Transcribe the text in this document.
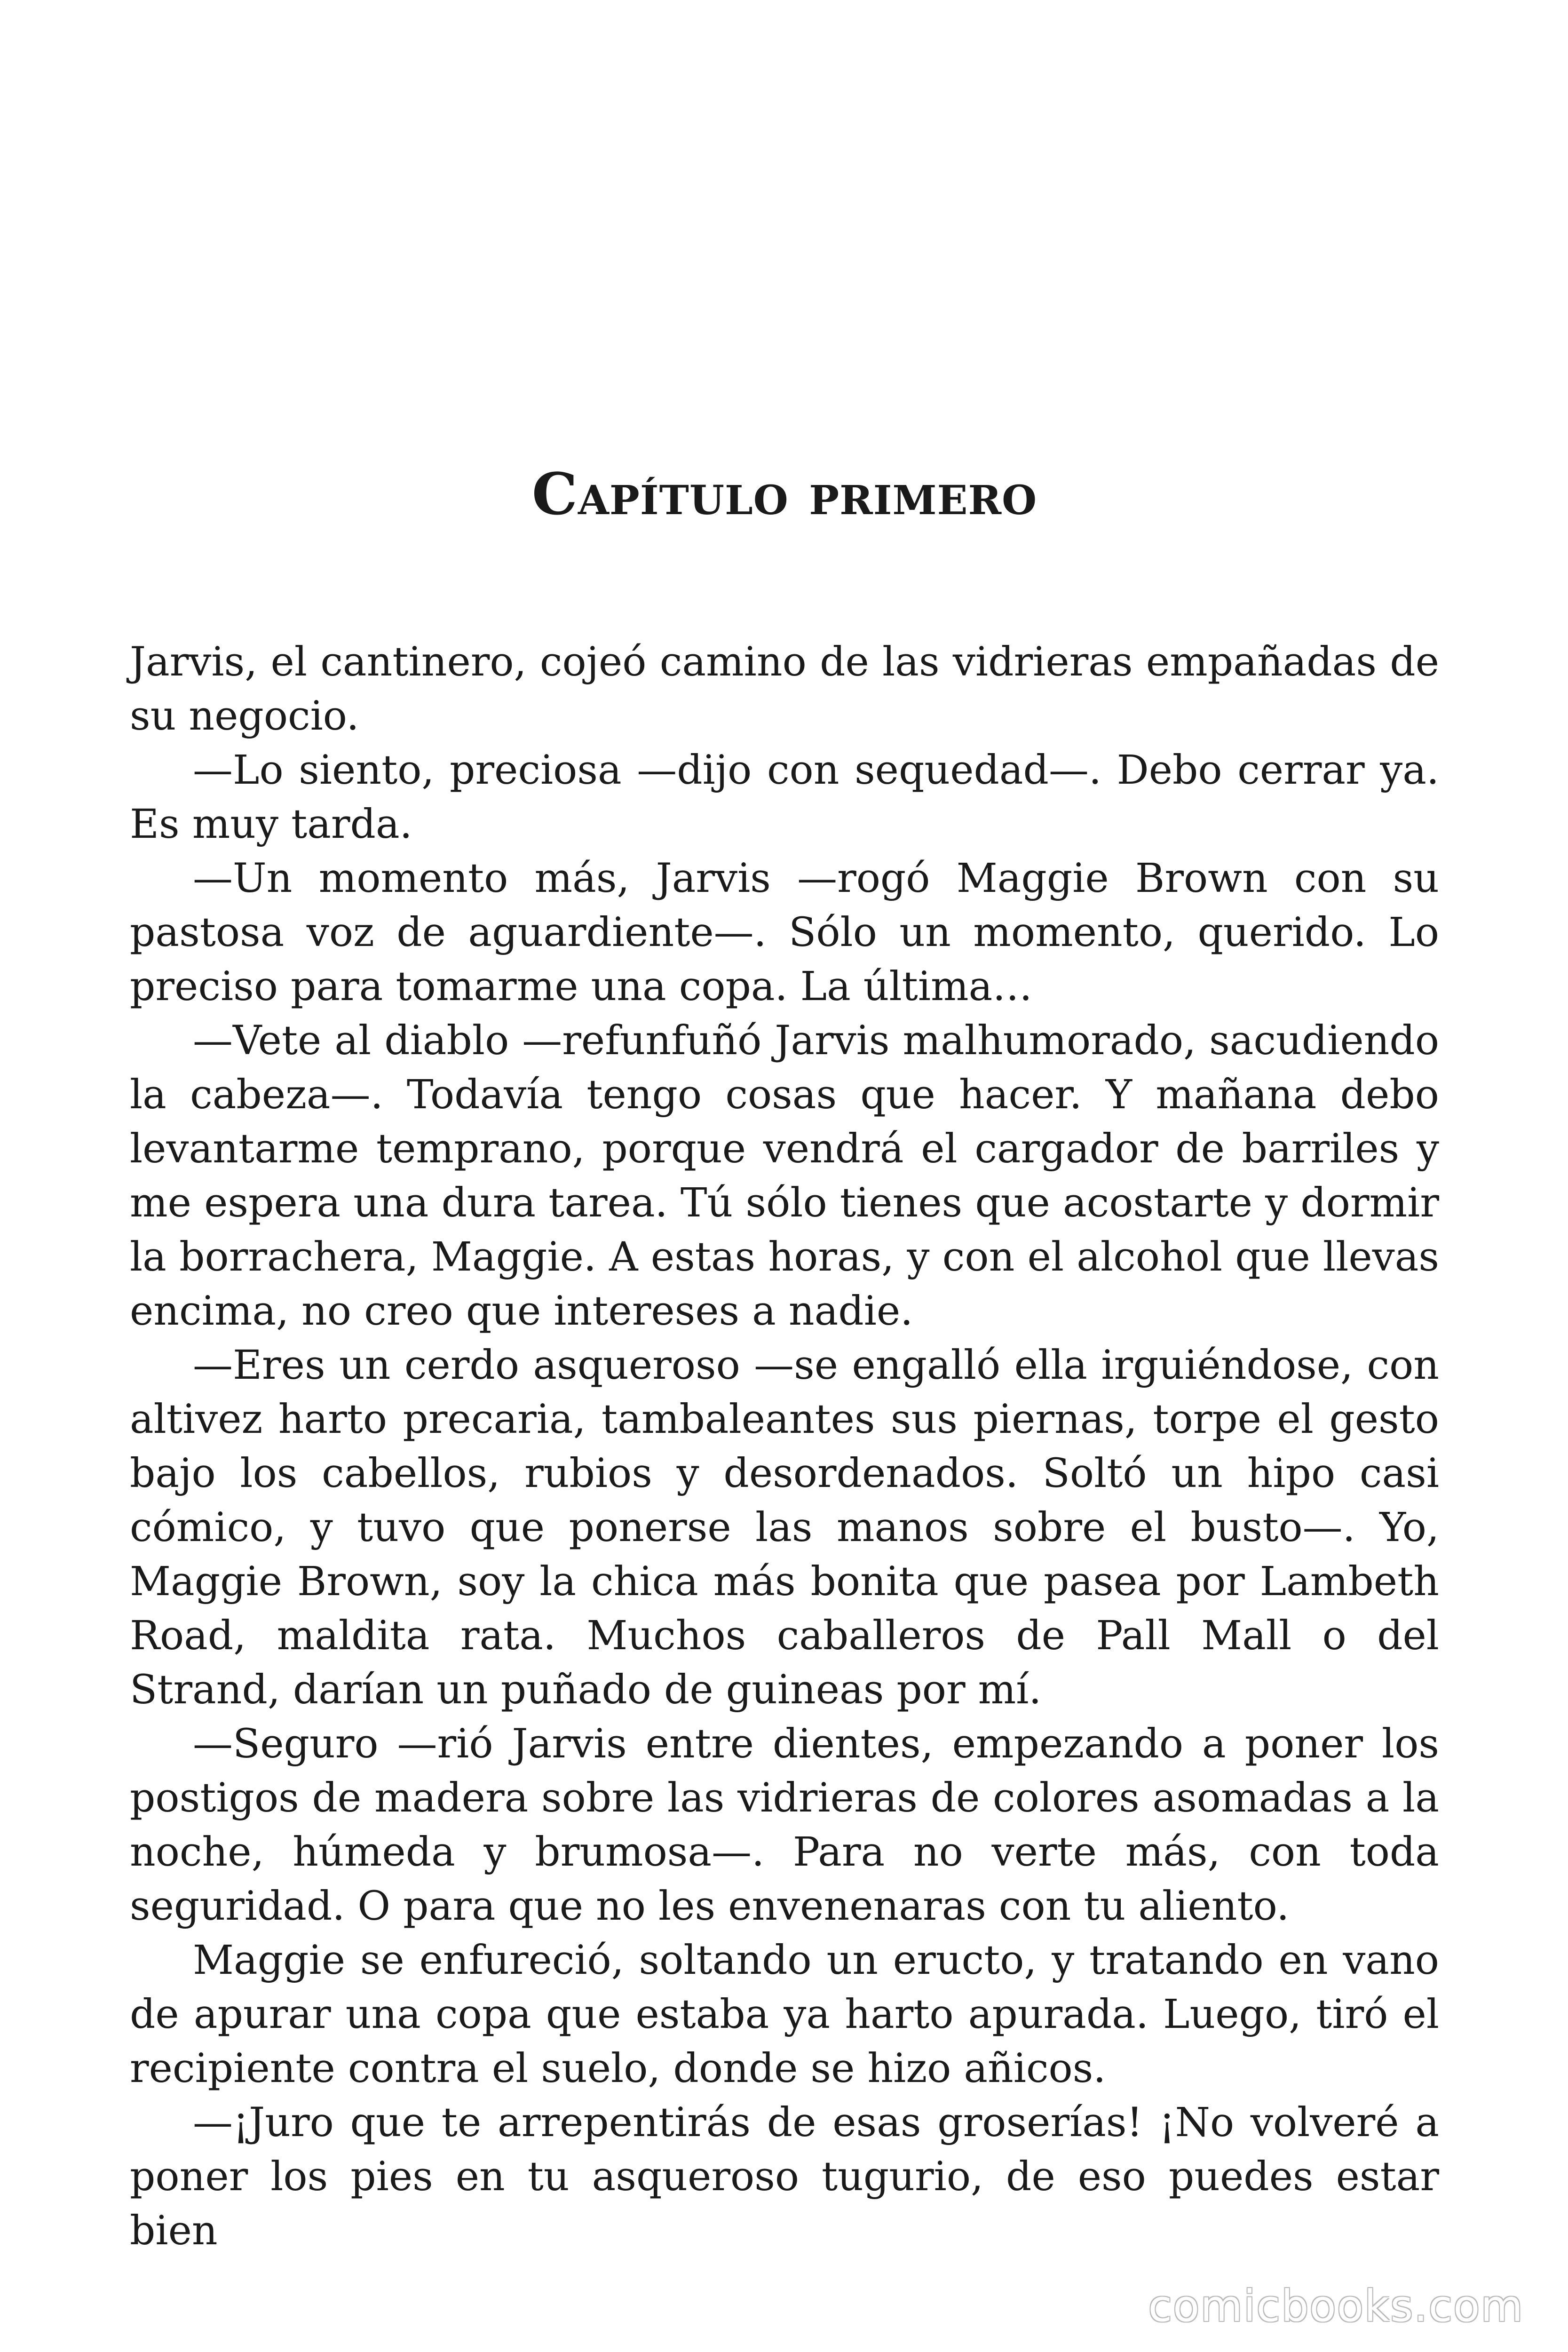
Capítulo primero

Jarvis, el cantinero, cojeó camino de las vidrieras empañadas de su negocio.

—Lo siento, preciosa —dijo con sequedad—. Debo cerrar ya. Es muy tarda.

—Un momento más, Jarvis —rogó Maggie Brown con su pastosa voz de aguardiente—. Sólo un momento, querido. Lo preciso para tomarme una copa. La última…

—Vete al diablo —refunfuñó Jarvis malhumorado, sacudiendo la cabeza—. Todavía tengo cosas que hacer. Y mañana debo levantarme temprano, porque vendrá el cargador de barriles y me espera una dura tarea. Tú sólo tienes que acostarte y dormir la borrachera, Maggie. A estas horas, y con el alcohol que llevas encima, no creo que intereses a nadie.

—Eres un cerdo asqueroso —se engalló ella irguiéndose, con altivez harto precaria, tambaleantes sus piernas, torpe el gesto bajo los cabellos, rubios y desordenados. Soltó un hipo casi cómico, y tuvo que ponerse las manos sobre el busto—. Yo, Maggie Brown, soy la chica más bonita que pasea por Lambeth Road, maldita rata. Muchos caballeros de Pall Mall o del Strand, darían un puñado de guineas por mí.

—Seguro —rió Jarvis entre dientes, empezando a poner los postigos de madera sobre las vidrieras de colores asomadas a la noche, húmeda y brumosa—. Para no verte más, con toda seguridad. O para que no les envenenaras con tu aliento.

Maggie se enfureció, soltando un eructo, y tratando en vano de apurar una copa que estaba ya harto apurada. Luego, tiró el recipiente contra el suelo, donde se hizo añicos.

—¡Juro que te arrepentirás de esas groserías! ¡No volveré a poner los pies en tu asqueroso tugurio, de eso puedes estar bien

comicbooks.com
